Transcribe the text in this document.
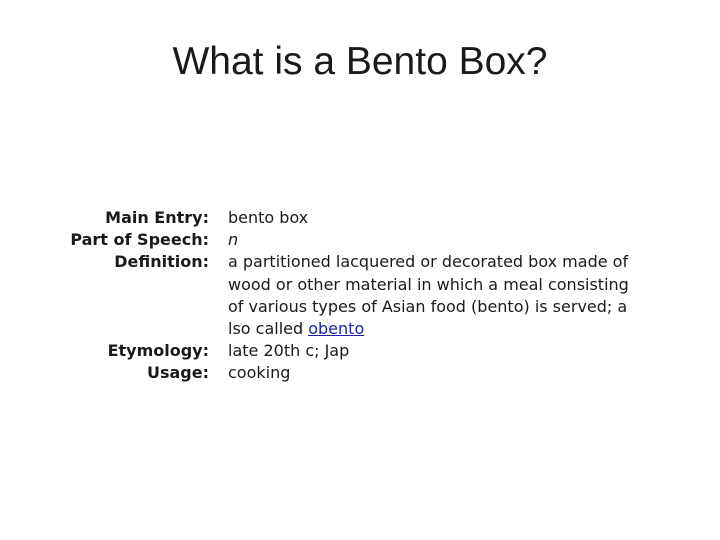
What is a Bento Box?
Main Entry: bento box
Part of Speech: n
Definition: a partitioned lacquered or decorated box made of
wood or other material in which a meal consisting
of various types of Asian food (bento) is served; a
lso called obento
Etymology: late 20th c; Jap
Usage: cooking
